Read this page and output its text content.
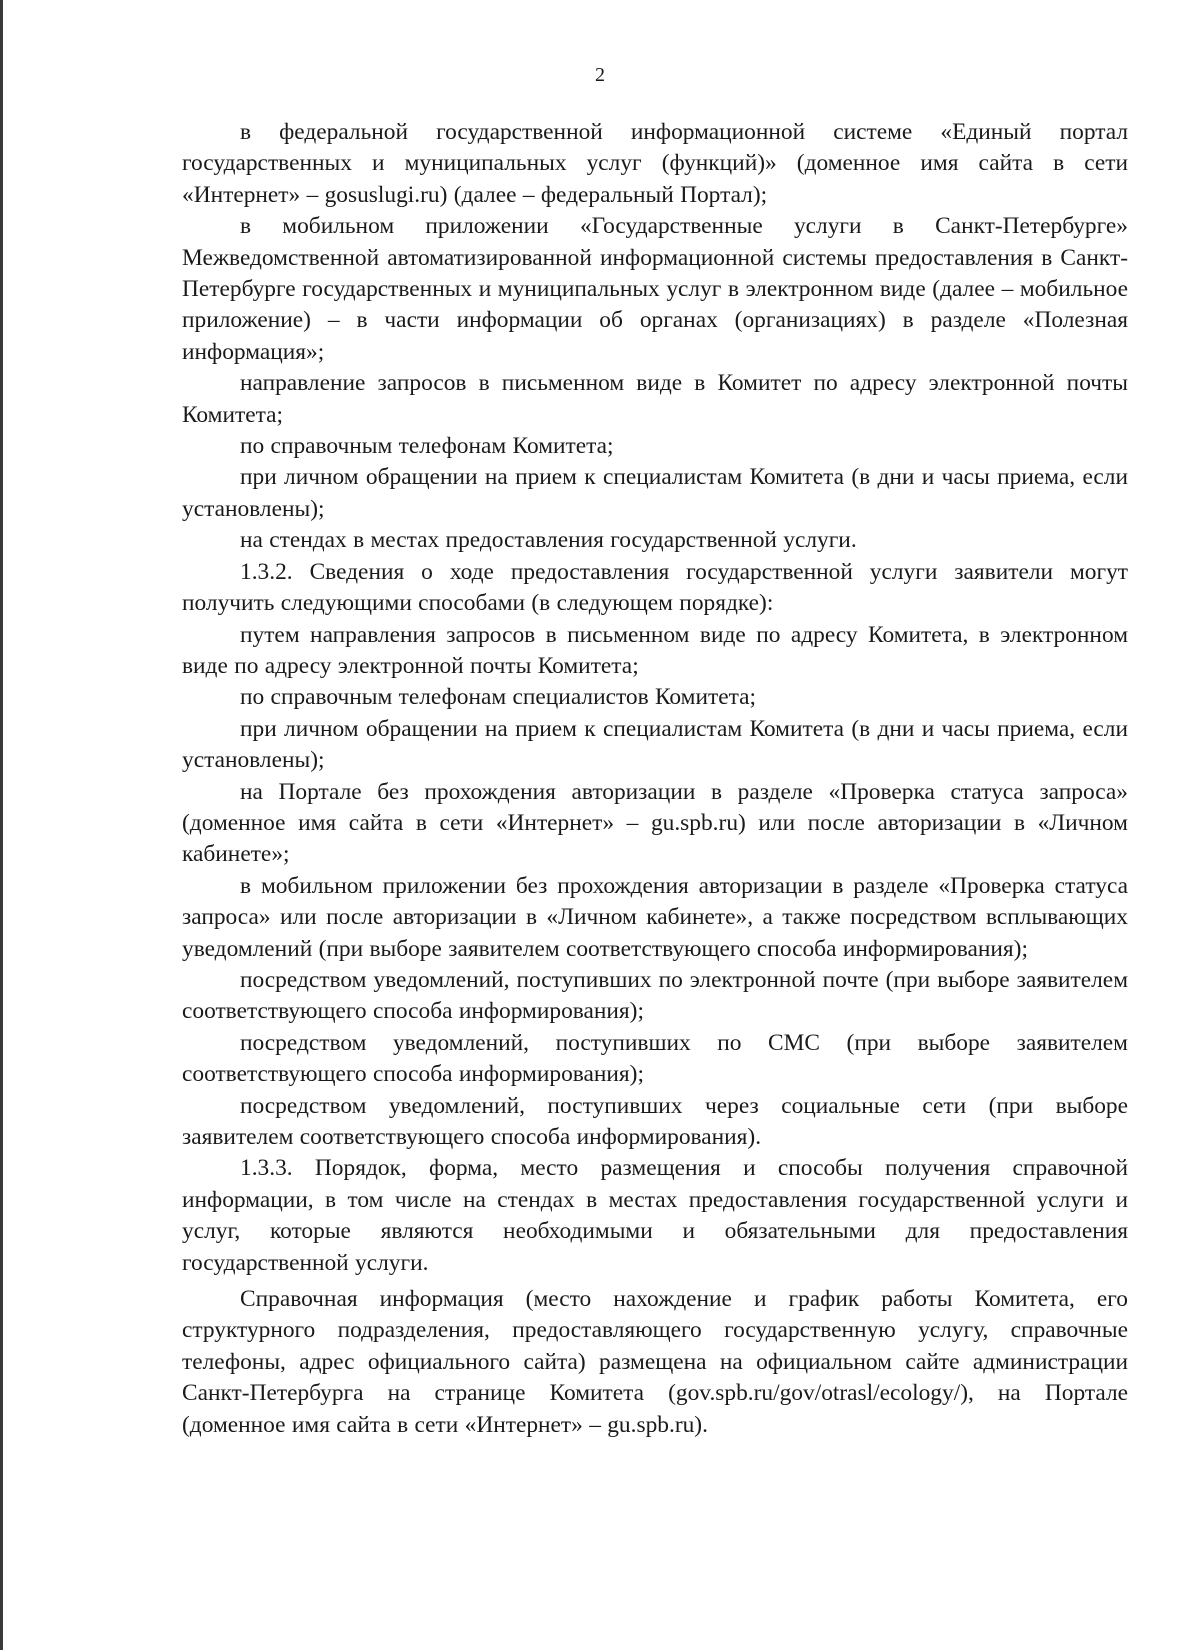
2

в федеральной государственной информационной системе «Единый портал государственных и муниципальных услуг (функций)» (доменное имя сайта в сети «Интернет» – gosuslugi.ru) (далее – федеральный Портал);

в мобильном приложении «Государственные услуги в Санкт-Петербурге» Межведомственной автоматизированной информационной системы предоставления в Санкт-Петербурге государственных и муниципальных услуг в электронном виде (далее – мобильное приложение) – в части информации об органах (организациях) в разделе «Полезная информация»;

направление запросов в письменном виде в Комитет по адресу электронной почты Комитета;

по справочным телефонам Комитета;

при личном обращении на прием к специалистам Комитета (в дни и часы приема, если установлены);

на стендах в местах предоставления государственной услуги.

1.3.2. Сведения о ходе предоставления государственной услуги заявители могут получить следующими способами (в следующем порядке):

путем направления запросов в письменном виде по адресу Комитета, в электронном виде по адресу электронной почты Комитета;

по справочным телефонам специалистов Комитета;

при личном обращении на прием к специалистам Комитета (в дни и часы приема, если установлены);

на Портале без прохождения авторизации в разделе «Проверка статуса запроса» (доменное имя сайта в сети «Интернет» – gu.spb.ru) или после авторизации в «Личном кабинете»;

в мобильном приложении без прохождения авторизации в разделе «Проверка статуса запроса» или после авторизации в «Личном кабинете», а также посредством всплывающих уведомлений (при выборе заявителем соответствующего способа информирования);

посредством уведомлений, поступивших по электронной почте (при выборе заявителем соответствующего способа информирования);

посредством уведомлений, поступивших по СМС (при выборе заявителем соответствующего способа информирования);

посредством уведомлений, поступивших через социальные сети (при выборе заявителем соответствующего способа информирования).

1.3.3. Порядок, форма, место размещения и способы получения справочной информации, в том числе на стендах в местах предоставления государственной услуги и услуг, которые являются необходимыми и обязательными для предоставления государственной услуги.

Справочная информация (место нахождение и график работы Комитета, его структурного подразделения, предоставляющего государственную услугу, справочные телефоны, адрес официального сайта) размещена на официальном сайте администрации Санкт-Петербурга на странице Комитета (gov.spb.ru/gov/otrasl/ecology/), на Портале (доменное имя сайта в сети «Интернет» – gu.spb.ru).
